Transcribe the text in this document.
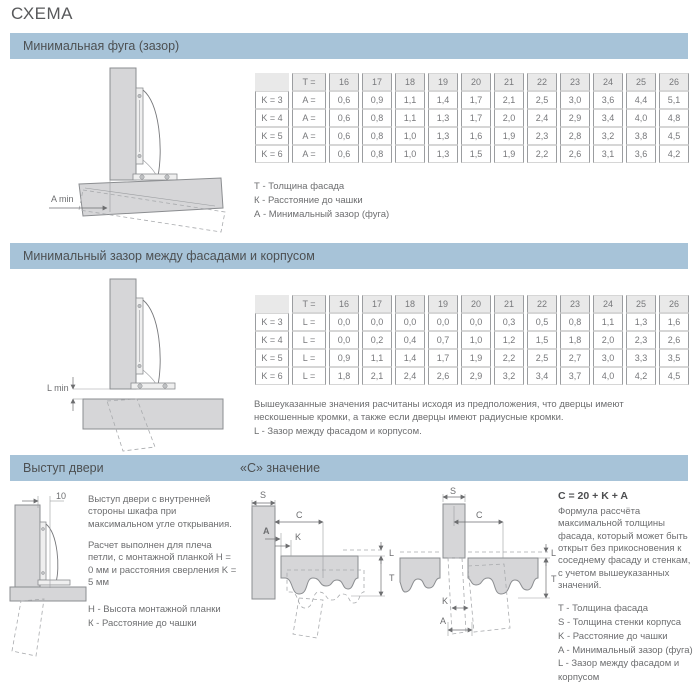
СХЕМА
Минимальная фуга (зазор)
A min
	T =	16	17	18	19	20	21	22	23	24	25	26
K = 3	A =	0,6	0,9	1,1	1,4	1,7	2,1	2,5	3,0	3,6	4,4	5,1
K = 4	A =	0,6	0,8	1,1	1,3	1,7	2,0	2,4	2,9	3,4	4,0	4,8
K = 5	A =	0,6	0,8	1,0	1,3	1,6	1,9	2,3	2,8	3,2	3,8	4,5
K = 6	A =	0,6	0,8	1,0	1,3	1,5	1,9	2,2	2,6	3,1	3,6	4,2
Т - Толщина фасада
К - Расстояние до чашки
А - Минимальный зазор (фуга)
Минимальный зазор между фасадами и корпусом
L min
	T =	16	17	18	19	20	21	22	23	24	25	26
K = 3	L =	0,0	0,0	0,0	0,0	0,0	0,3	0,5	0,8	1,1	1,3	1,6
K = 4	L =	0,0	0,2	0,4	0,7	1,0	1,2	1,5	1,8	2,0	2,3	2,6
K = 5	L =	0,9	1,1	1,4	1,7	1,9	2,2	2,5	2,7	3,0	3,3	3,5
K = 6	L =	1,8	2,1	2,4	2,6	2,9	3,2	3,4	3,7	4,0	4,2	4,5
Вышеуказанные значения расчитаны исходя из предположения, что дверцы имеют нескошенные кромки, а также если дверцы имеют радиусные кромки.
L - Зазор между фасадом и корпусом.
Выступ двери	«С» значение
10 Выступ двери с внутренней стороны шкафа при максимальном угле открывания.

Расчет выполнен для плеча петли, с монтажной планкой H = 0 мм и расстояния сверления K = 5 мм

H - Высота монтажной планки
К - Расстояние до чашки
S
C
A
K
L
T
S
C
L
T
K
A

C = 20 + K + A

Формула рассчёта максимальной толщины фасада, который может быть открыт без прикосновения к соседнему фасаду и стенкам, с учетом вышеуказанных значений.

T - Толщина фасада
S - Толщина стенки корпуса
K - Расстояние до чашки
A - Минимальный зазор (фуга)
L - Зазор между фасадом и корпусом
